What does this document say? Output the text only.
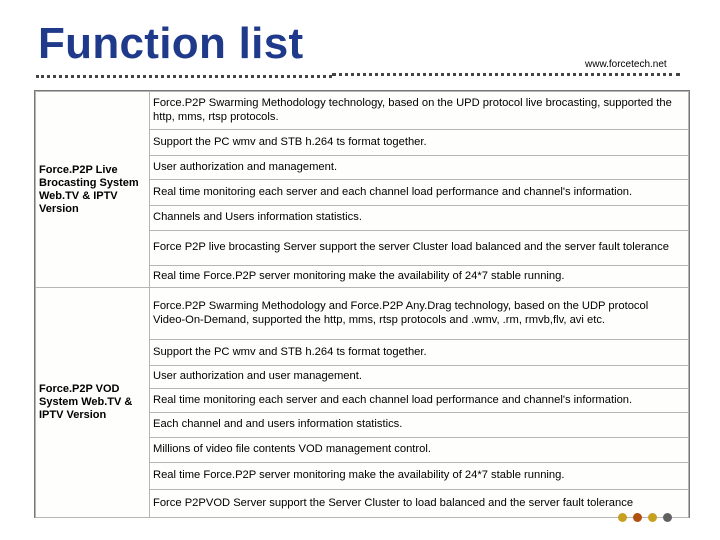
Function list	www.forcetech.net
Force.P2P Live Brocasting System Web.TV & IPTV Version	Force.P2P Swarming Methodology technology, based on the UPD protocol live brocasting, supported the http, mms, rtsp protocols.
	Support the PC wmv and STB h.264 ts format together.
	User authorization and management.
	Real time monitoring each server and each channel load performance and channel's information.
	Channels and Users information statistics.
	Force P2P live brocasting Server support the server Cluster load balanced and the server fault tolerance
	Real time Force.P2P server monitoring make the availability of 24*7 stable running.
Force.P2P VOD System Web.TV & IPTV Version	Force.P2P Swarming Methodology and Force.P2P Any.Drag technology, based on the UDP protocol Video-On-Demand, supported the http, mms, rtsp protocols and .wmv, .rm, rmvb,flv, avi etc.
	Support the PC wmv and STB h.264 ts format together.
	User authorization and user management.
	Real time monitoring each server and each channel load performance and channel's information.
	Each channel and and users information statistics.
	Millions of video file contents VOD management control.
	Real time Force.P2P server monitoring make the availability of 24*7 stable running.
	Force P2PVOD Server support the Server Cluster to load balanced and the server fault tolerance
